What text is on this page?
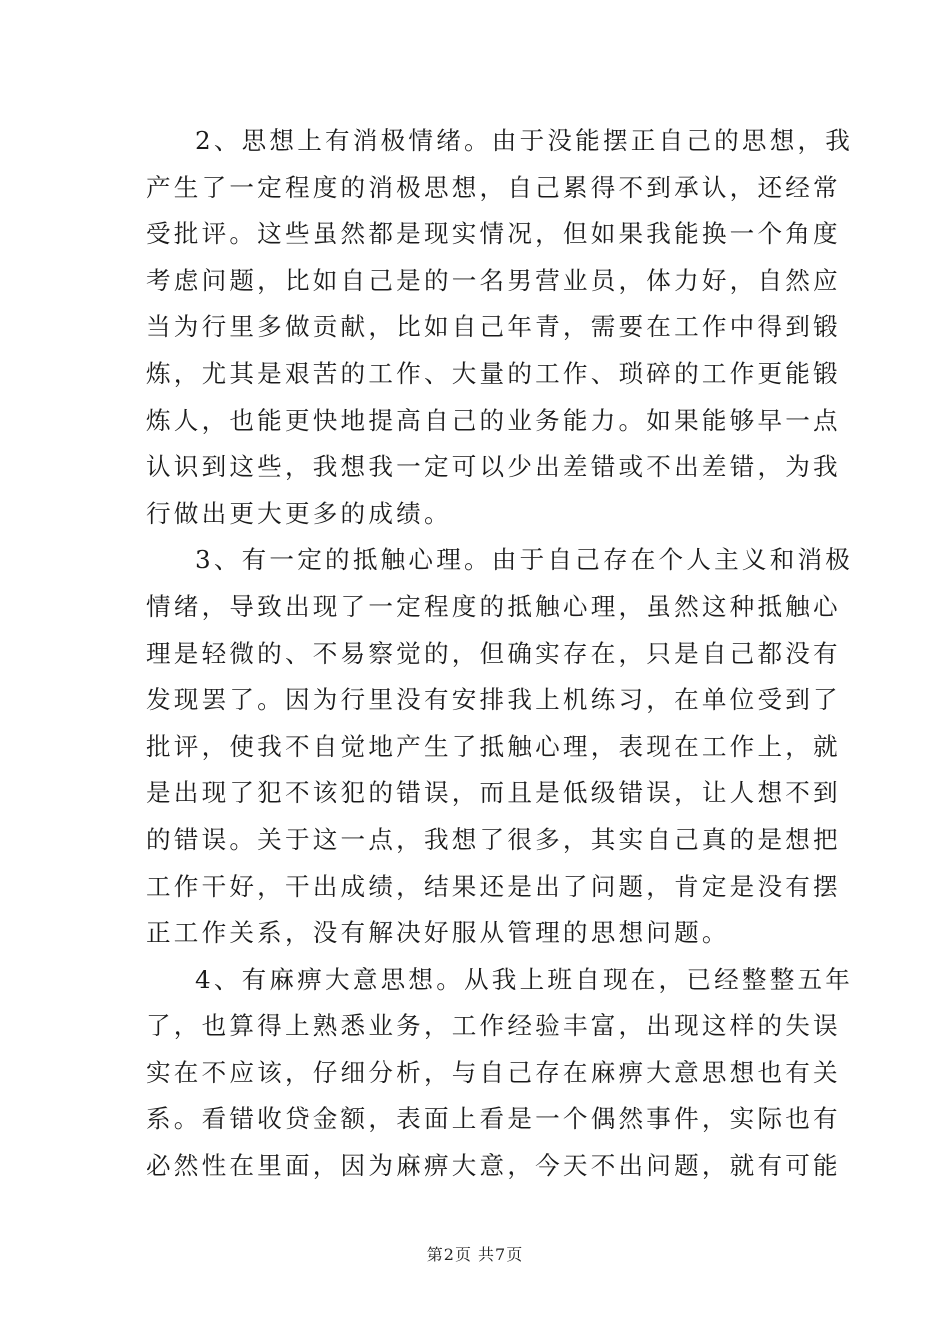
2、思想上有消极情绪。由于没能摆正自己的思想，我
产生了一定程度的消极思想，自己累得不到承认，还经常
受批评。这些虽然都是现实情况，但如果我能换一个角度
考虑问题，比如自己是的一名男营业员，体力好，自然应
当为行里多做贡献，比如自己年青，需要在工作中得到锻
炼，尤其是艰苦的工作、大量的工作、琐碎的工作更能锻
炼人，也能更快地提高自己的业务能力。如果能够早一点
认识到这些，我想我一定可以少出差错或不出差错，为我
行做出更大更多的成绩。
3、有一定的抵触心理。由于自己存在个人主义和消极
情绪，导致出现了一定程度的抵触心理，虽然这种抵触心
理是轻微的、不易察觉的，但确实存在，只是自己都没有
发现罢了。因为行里没有安排我上机练习，在单位受到了
批评，使我不自觉地产生了抵触心理，表现在工作上，就
是出现了犯不该犯的错误，而且是低级错误，让人想不到
的错误。关于这一点，我想了很多，其实自己真的是想把
工作干好，干出成绩，结果还是出了问题，肯定是没有摆
正工作关系，没有解决好服从管理的思想问题。
4、有麻痹大意思想。从我上班自现在，已经整整五年
了，也算得上熟悉业务，工作经验丰富，出现这样的失误
实在不应该，仔细分析，与自己存在麻痹大意思想也有关
系。看错收贷金额，表面上看是一个偶然事件，实际也有
必然性在里面，因为麻痹大意，今天不出问题，就有可能
第2页 共7页
